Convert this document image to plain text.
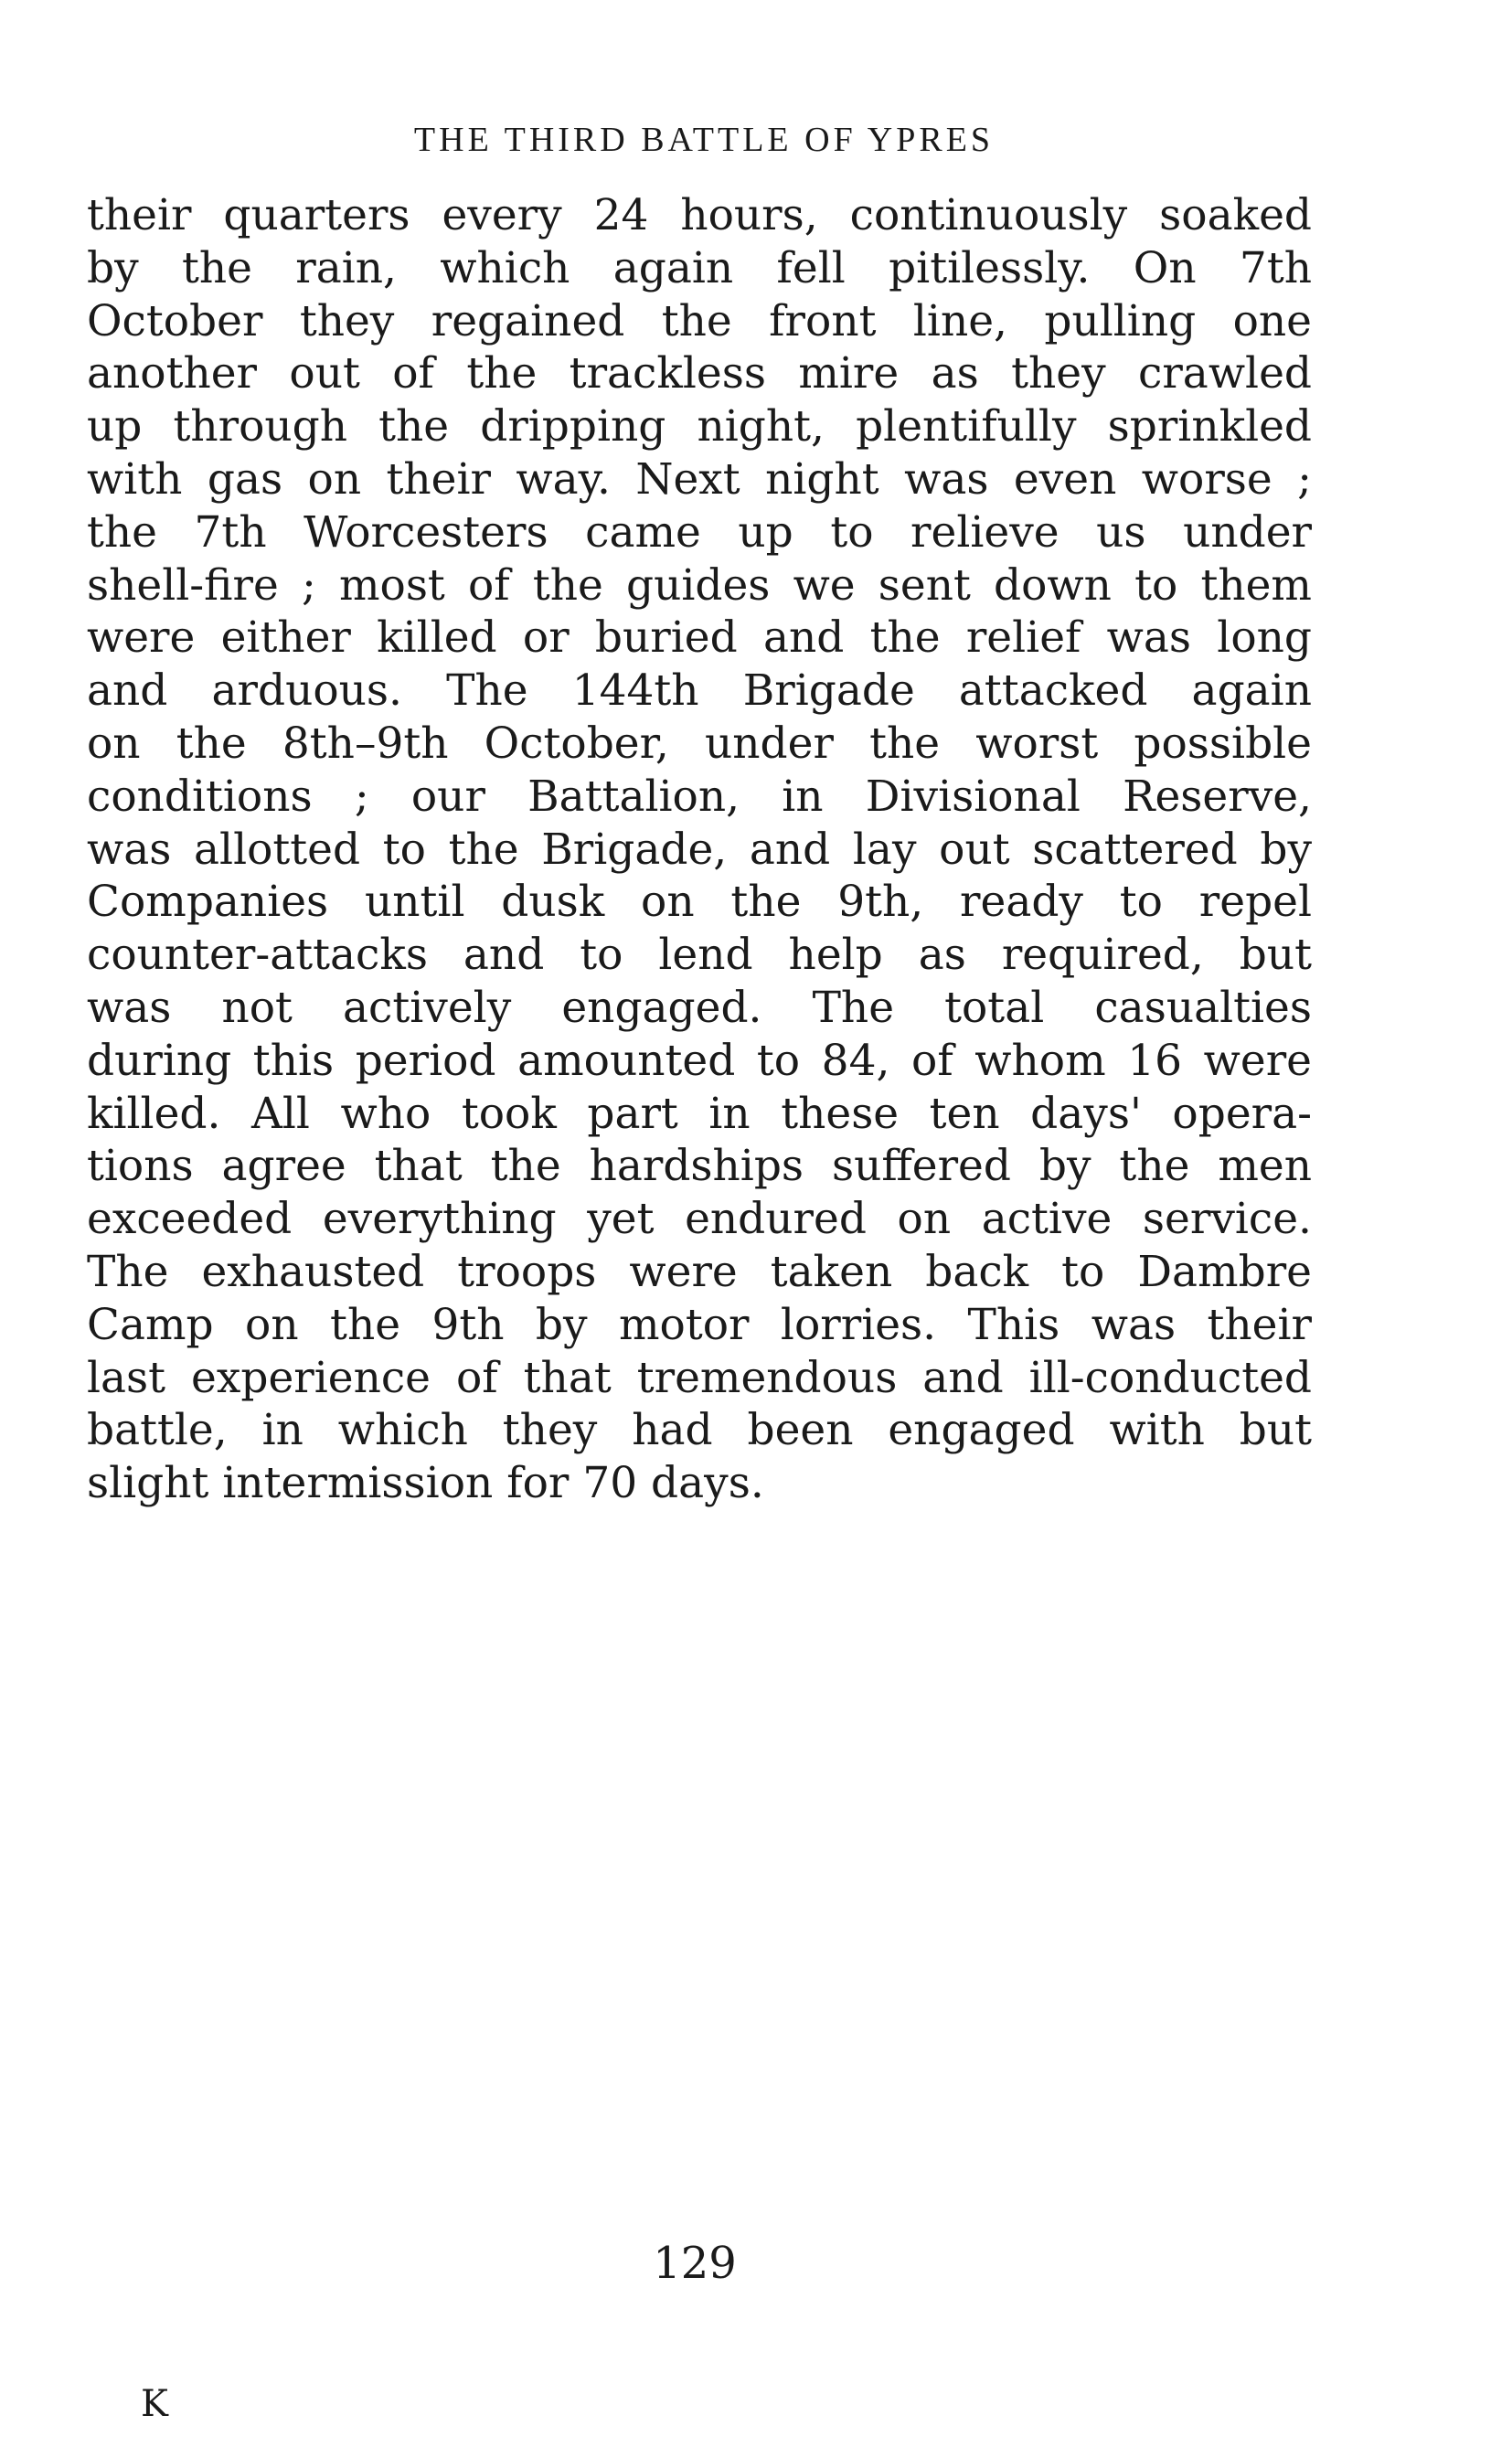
THE THIRD BATTLE OF YPRES
their quarters every 24 hours, continuously soaked
by the rain, which again fell pitilessly. On 7th
October they regained the front line, pulling one
another out of the trackless mire as they crawled
up through the dripping night, plentifully sprinkled
with gas on their way. Next night was even worse ;
the 7th Worcesters came up to relieve us under
shell-fire ; most of the guides we sent down to them
were either killed or buried and the relief was long
and arduous. The 144th Brigade attacked again
on the 8th–9th October, under the worst possible
conditions ; our Battalion, in Divisional Reserve,
was allotted to the Brigade, and lay out scattered by
Companies until dusk on the 9th, ready to repel
counter-attacks and to lend help as required, but
was not actively engaged. The total casualties
during this period amounted to 84, of whom 16 were
killed. All who took part in these ten days' opera-
tions agree that the hardships suffered by the men
exceeded everything yet endured on active service.
The exhausted troops were taken back to Dambre
Camp on the 9th by motor lorries. This was their
last experience of that tremendous and ill-conducted
battle, in which they had been engaged with but
slight intermission for 70 days.
129
K
